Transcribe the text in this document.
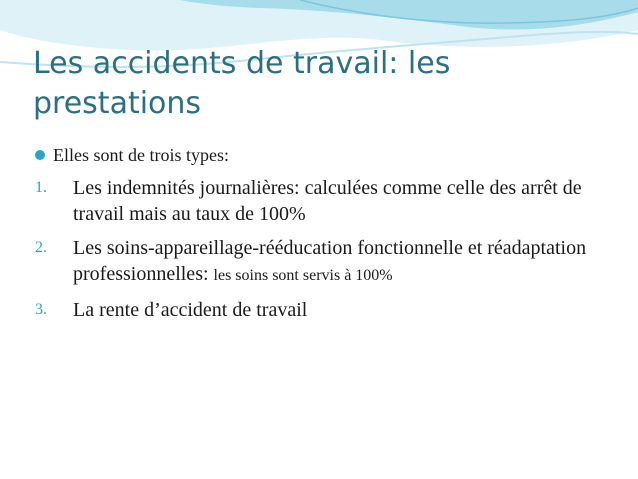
Les accidents de travail: les prestations
Elles sont de trois types:
1.	Les indemnités journalières: calculées comme celle des arrêt de travail mais au taux de 100%
2.	Les soins-appareillage-rééducation fonctionnelle et réadaptation professionnelles: les soins sont servis à 100%
3.	La rente d’accident de travail
